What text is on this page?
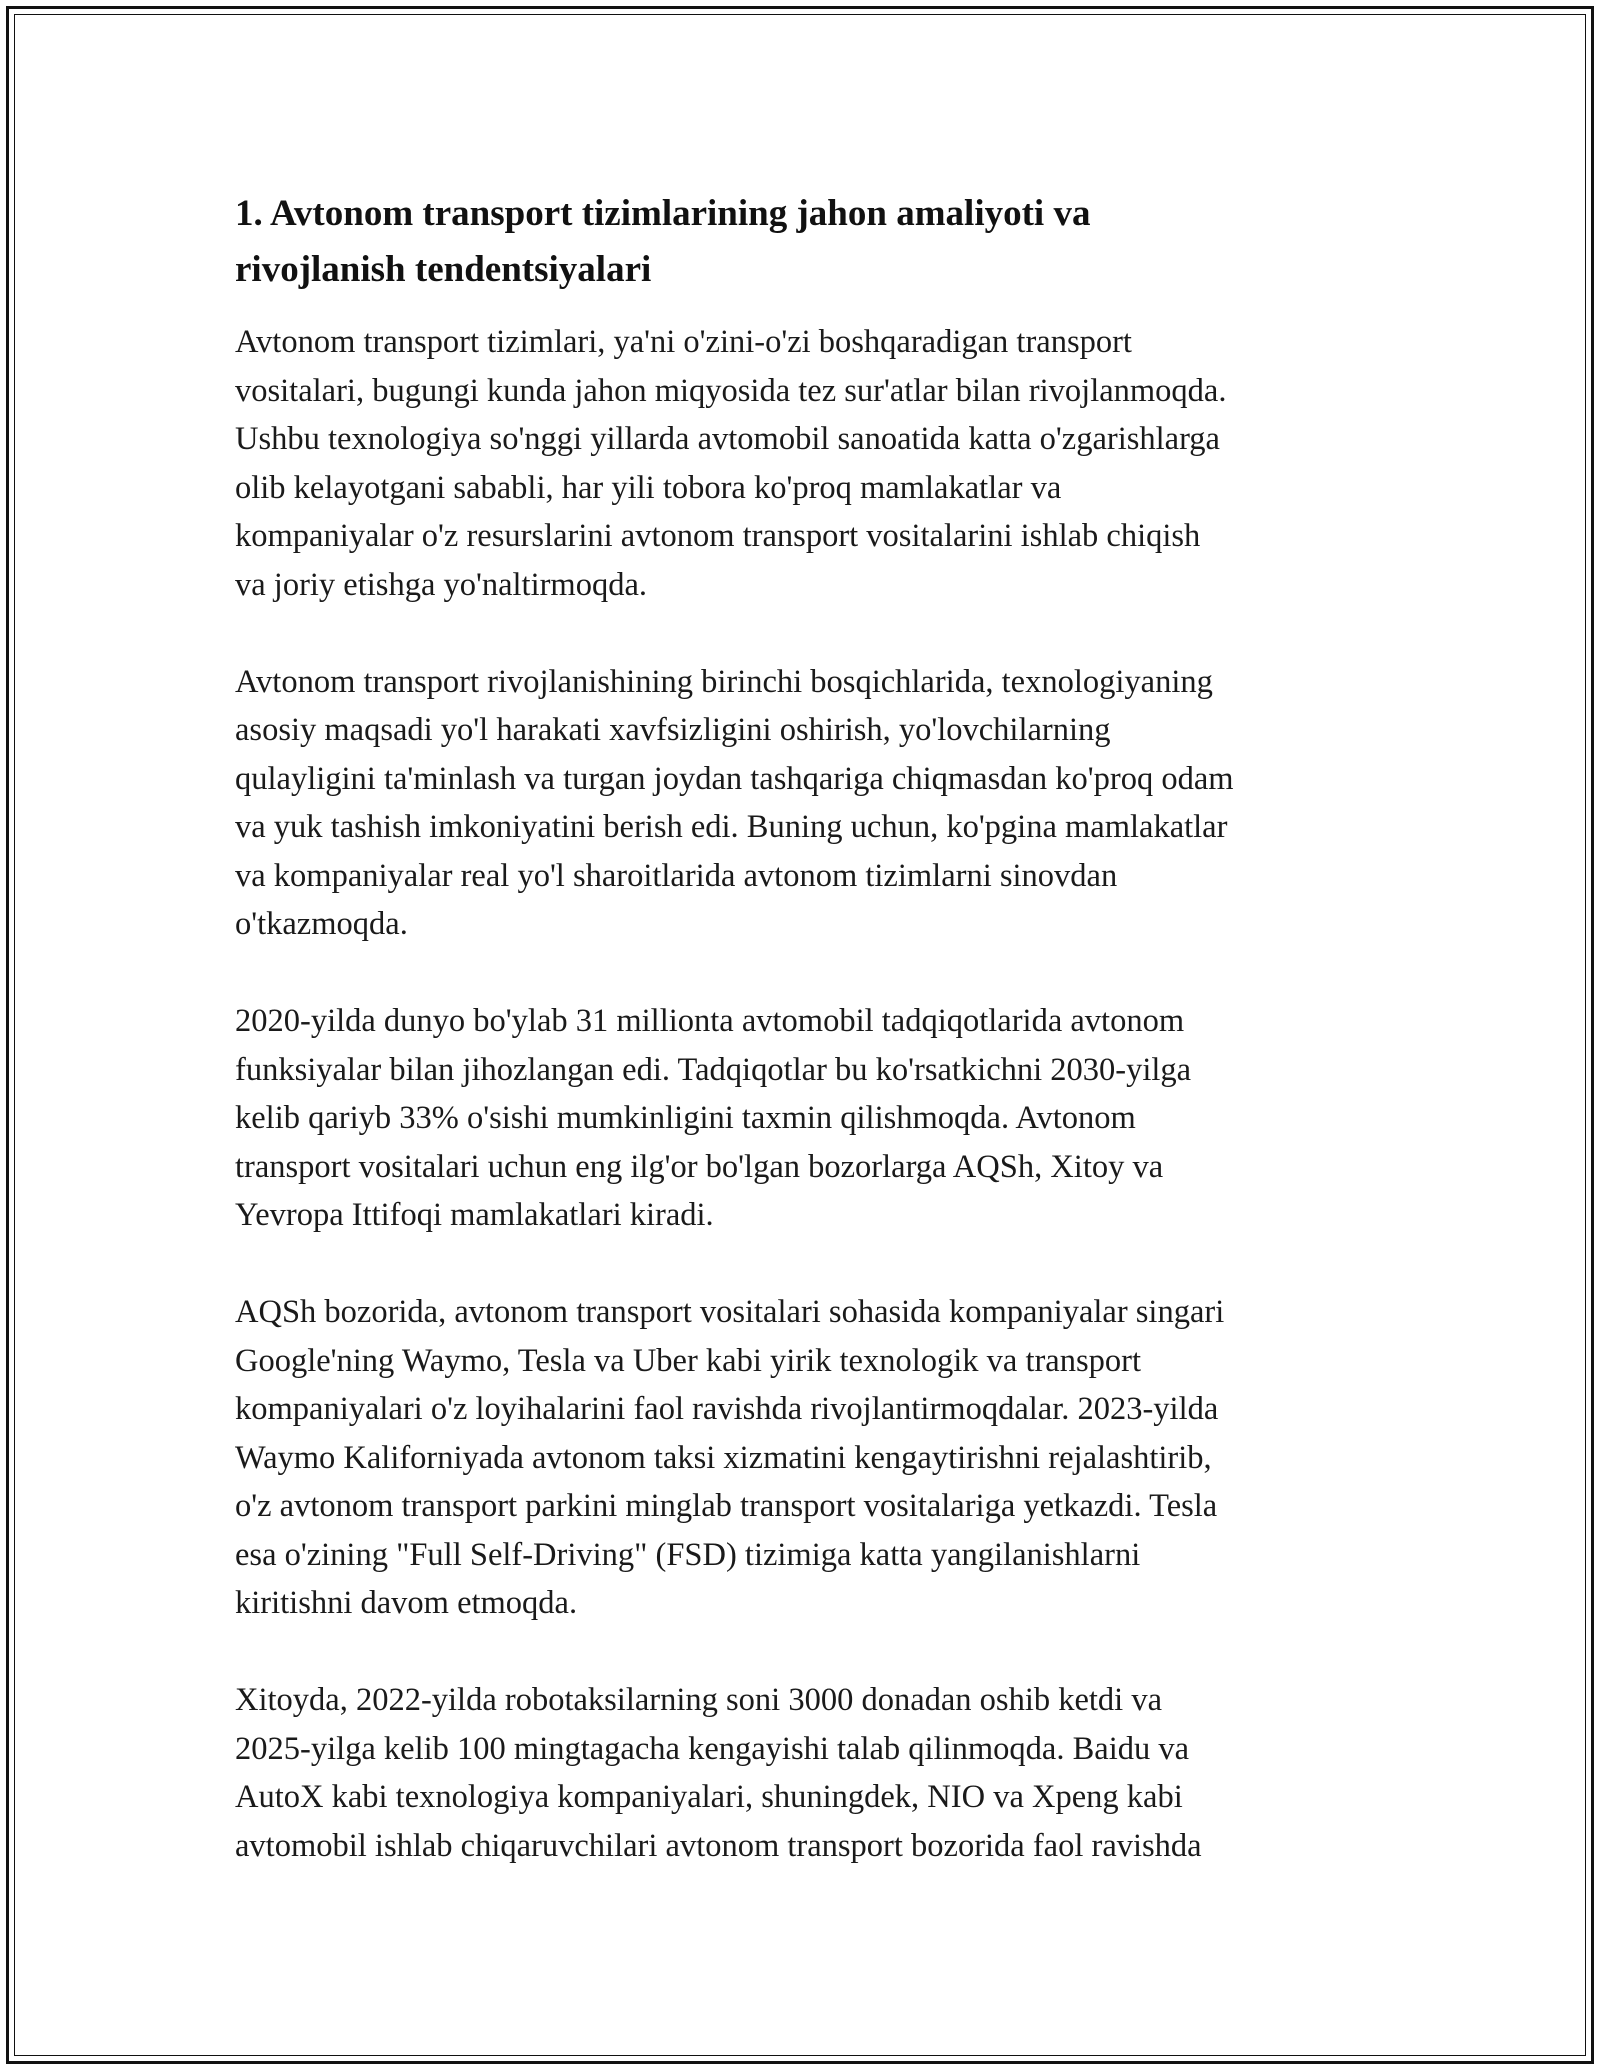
1. Avtonom transport tizimlarining jahon amaliyoti va
rivojlanish tendentsiyalari

Avtonom transport tizimlari, ya'ni o'zini-o'zi boshqaradigan transport
vositalari, bugungi kunda jahon miqyosida tez sur'atlar bilan rivojlanmoqda.
Ushbu texnologiya so'nggi yillarda avtomobil sanoatida katta o'zgarishlarga
olib kelayotgani sababli, har yili tobora ko'proq mamlakatlar va
kompaniyalar o'z resurslarini avtonom transport vositalarini ishlab chiqish
va joriy etishga yo'naltirmoqda.

Avtonom transport rivojlanishining birinchi bosqichlarida, texnologiyaning
asosiy maqsadi yo'l harakati xavfsizligini oshirish, yo'lovchilarning
qulayligini ta'minlash va turgan joydan tashqariga chiqmasdan ko'proq odam
va yuk tashish imkoniyatini berish edi. Buning uchun, ko'pgina mamlakatlar
va kompaniyalar real yo'l sharoitlarida avtonom tizimlarni sinovdan
o'tkazmoqda.

2020-yilda dunyo bo'ylab 31 millionta avtomobil tadqiqotlarida avtonom
funksiyalar bilan jihozlangan edi. Tadqiqotlar bu ko'rsatkichni 2030-yilga
kelib qariyb 33% o'sishi mumkinligini taxmin qilishmoqda. Avtonom
transport vositalari uchun eng ilg'or bo'lgan bozorlarga AQSh, Xitoy va
Yevropa Ittifoqi mamlakatlari kiradi.

AQSh bozorida, avtonom transport vositalari sohasida kompaniyalar singari
Google'ning Waymo, Tesla va Uber kabi yirik texnologik va transport
kompaniyalari o'z loyihalarini faol ravishda rivojlantirmoqdalar. 2023-yilda
Waymo Kaliforniyada avtonom taksi xizmatini kengaytirishni rejalashtirib,
o'z avtonom transport parkini minglab transport vositalariga yetkazdi. Tesla
esa o'zining "Full Self-Driving" (FSD) tizimiga katta yangilanishlarni
kiritishni davom etmoqda.

Xitoyda, 2022-yilda robotaksilarning soni 3000 donadan oshib ketdi va
2025-yilga kelib 100 mingtagacha kengayishi talab qilinmoqda. Baidu va
AutoX kabi texnologiya kompaniyalari, shuningdek, NIO va Xpeng kabi
avtomobil ishlab chiqaruvchilari avtonom transport bozorida faol ravishda
